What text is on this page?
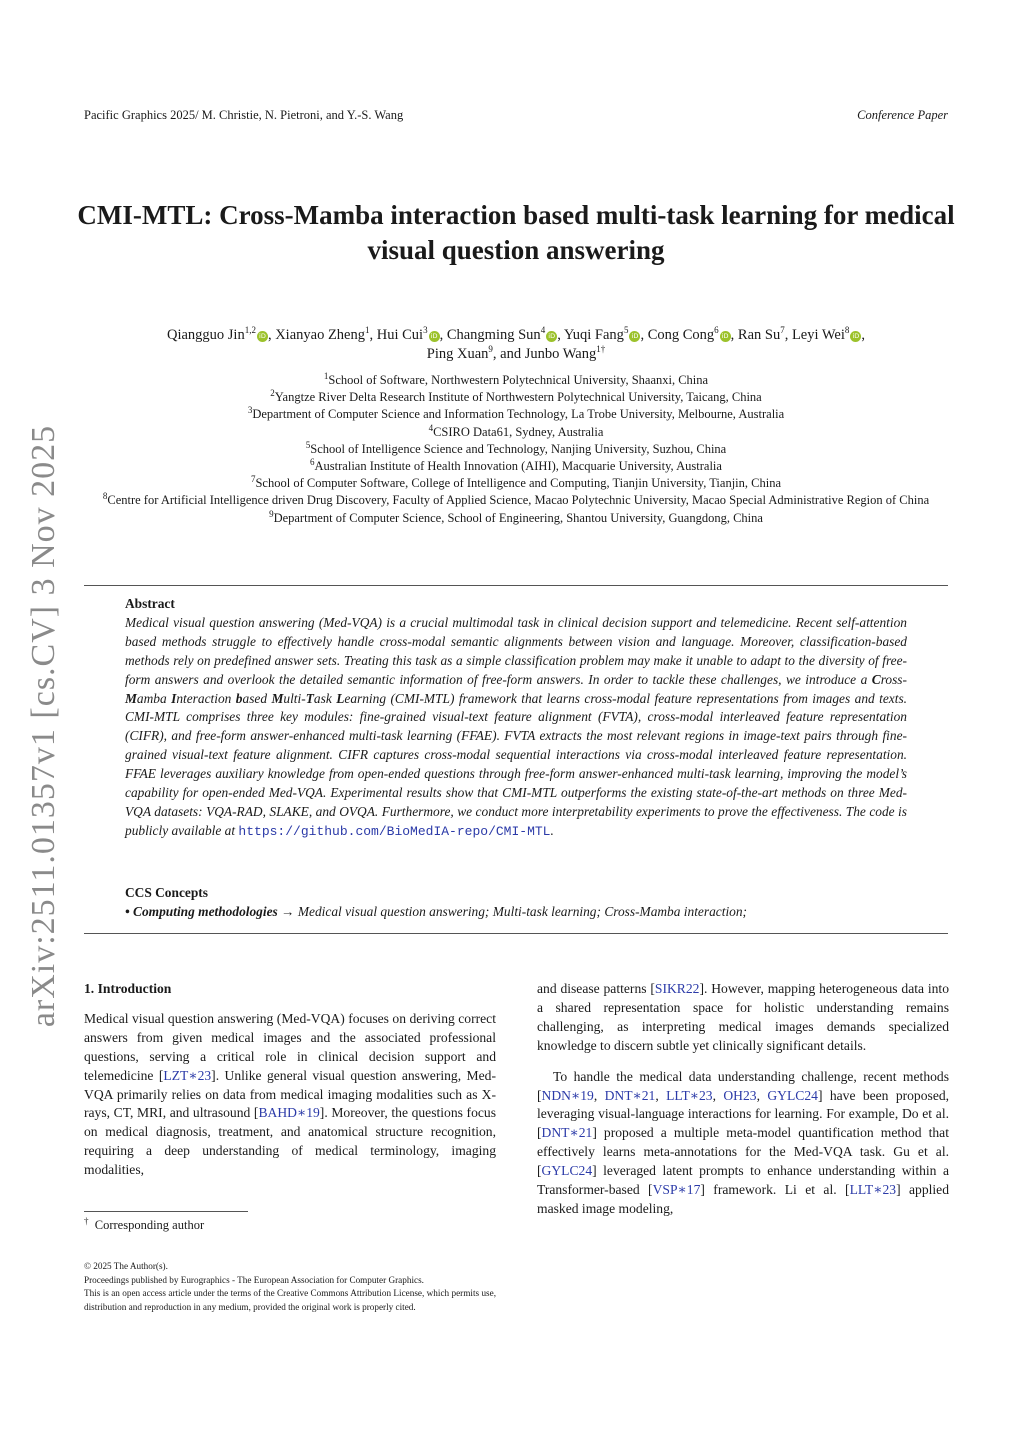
Pacific Graphics 2025/ M. Christie, N. Pietroni, and Y.-S. Wang	Conference Paper
arXiv:2511.01357v1 [cs.CV] 3 Nov 2025
CMI-MTL: Cross-Mamba interaction based multi-task learning for medical visual question answering
Qiangguo Jin$^{1,2}$iD , Xianyao Zheng$^1$, Hui Cui$^3$iD , Changming Sun$^4$iD , Yuqi Fang$^5$iD , Cong Cong$^6$iD , Ran Su$^7$, Leyi Wei$^8$iD ,
Ping Xuan$^9$, and Junbo Wang$^{1\dagger}$
$^1$School of Software, Northwestern Polytechnical University, Shaanxi, China
$^2$Yangtze River Delta Research Institute of Northwestern Polytechnical University, Taicang, China
$^3$Department of Computer Science and Information Technology, La Trobe University, Melbourne, Australia
$^4$CSIRO Data61, Sydney, Australia
$^5$School of Intelligence Science and Technology, Nanjing University, Suzhou, China
$^6$Australian Institute of Health Innovation (AIHI), Macquarie University, Australia
$^7$School of Computer Software, College of Intelligence and Computing, Tianjin University, Tianjin, China
$^8$Centre for Artificial Intelligence driven Drug Discovery, Faculty of Applied Science, Macao Polytechnic University, Macao Special Administrative Region of China
$^9$Department of Computer Science, School of Engineering, Shantou University, Guangdong, China
Abstract
Medical visual question answering (Med-VQA) is a crucial multimodal task in clinical decision support and telemedicine. Recent self-attention based methods struggle to effectively handle cross-modal semantic alignments between vision and language. Moreover, classification-based methods rely on predefined answer sets. Treating this task as a simple classification problem may make it unable to adapt to the diversity of free-form answers and overlook the detailed semantic information of free-form answers. In order to tackle these challenges, we introduce a Cross-Mamba Interaction based Multi-Task Learning (CMI-MTL) framework that learns cross-modal feature representations from images and texts. CMI-MTL comprises three key modules: fine-grained visual-text feature alignment (FVTA), cross-modal interleaved feature representation (CIFR), and free-form answer-enhanced multi-task learning (FFAE). FVTA extracts the most relevant regions in image-text pairs through fine-grained visual-text feature alignment. CIFR captures cross-modal sequential interactions via cross-modal interleaved feature representation. FFAE leverages auxiliary knowledge from open-ended questions through free-form answer-enhanced multi-task learning, improving the model’s capability for open-ended Med-VQA. Experimental results show that CMI-MTL outperforms the existing state-of-the-art methods on three Med-VQA datasets: VQA-RAD, SLAKE, and OVQA. Furthermore, we conduct more interpretability experiments to prove the effectiveness. The code is publicly available at https://github.com/BioMedIA-repo/CMI-MTL.
CCS Concepts
• Computing methodologies → Medical visual question answering; Multi-task learning; Cross-Mamba interaction;
1. Introduction
Medical visual question answering (Med-VQA) focuses on deriving correct answers from given medical images and the associated professional questions, serving a critical role in clinical decision support and telemedicine [LZT∗23]. Unlike general visual question answering, Med-VQA primarily relies on data from medical imaging modalities such as X-rays, CT, MRI, and ultrasound [BAHD∗19]. Moreover, the questions focus on medical diagnosis, treatment, and anatomical structure recognition, requiring a deep understanding of medical terminology, imaging modalities,
and disease patterns [SIKR22]. However, mapping heterogeneous data into a shared representation space for holistic understanding remains challenging, as interpreting medical images demands specialized knowledge to discern subtle yet clinically significant details.
To handle the medical data understanding challenge, recent methods [NDN∗19, DNT∗21, LLT∗23, OH23, GYLC24] have been proposed, leveraging visual-language interactions for learning. For example, Do et al. [DNT∗21] proposed a multiple meta-model quantification method that effectively learns meta-annotations for the Med-VQA task. Gu et al. [GYLC24] leveraged latent prompts to enhance understanding within a Transformer-based [VSP∗17] framework. Li et al. [LLT∗23] applied masked image modeling,
† Corresponding author
© 2025 The Author(s).
Proceedings published by Eurographics - The European Association for Computer Graphics.
This is an open access article under the terms of the Creative Commons Attribution License, which permits use, distribution and reproduction in any medium, provided the original work is properly cited.
